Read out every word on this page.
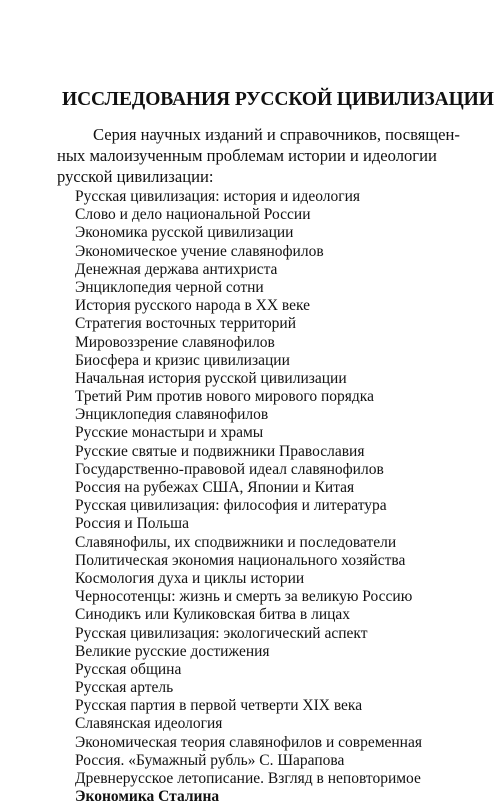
ИССЛЕДОВАНИЯ РУССКОЙ ЦИВИЛИЗАЦИИ
Серия научных изданий и справочников, посвящен-
ных малоизученным проблемам истории и идеологии
русской цивилизации:
Русская цивилизация: история и идеология
Слово и дело национальной России
Экономика русской цивилизации
Экономическое учение славянофилов
Денежная держава антихриста
Энциклопедия черной сотни
История русского народа в XX веке
Стратегия восточных территорий
Мировоззрение славянофилов
Биосфера и кризис цивилизации
Начальная история русской цивилизации
Третий Рим против нового мирового порядка
Энциклопедия славянофилов
Русские монастыри и храмы
Русские святые и подвижники Православия
Государственно-правовой идеал славянофилов
Россия на рубежах США, Японии и Китая
Русская цивилизация: философия и литература
Россия и Польша
Славянофилы, их сподвижники и последователи
Политическая экономия национального хозяйства
Космология духа и циклы истории
Черносотенцы: жизнь и смерть за великую Россию
Синодикъ или Куликовская битва в лицах
Русская цивилизация: экологический аспект
Великие русские достижения
Русская община
Русская артель
Русская партия в первой четверти XIX века
Славянская идеология
Экономическая теория славянофилов и современная
Россия. «Бумажный рубль» С. Шарапова
Древнерусское летописание. Взгляд в неповторимое
Экономика Сталина
